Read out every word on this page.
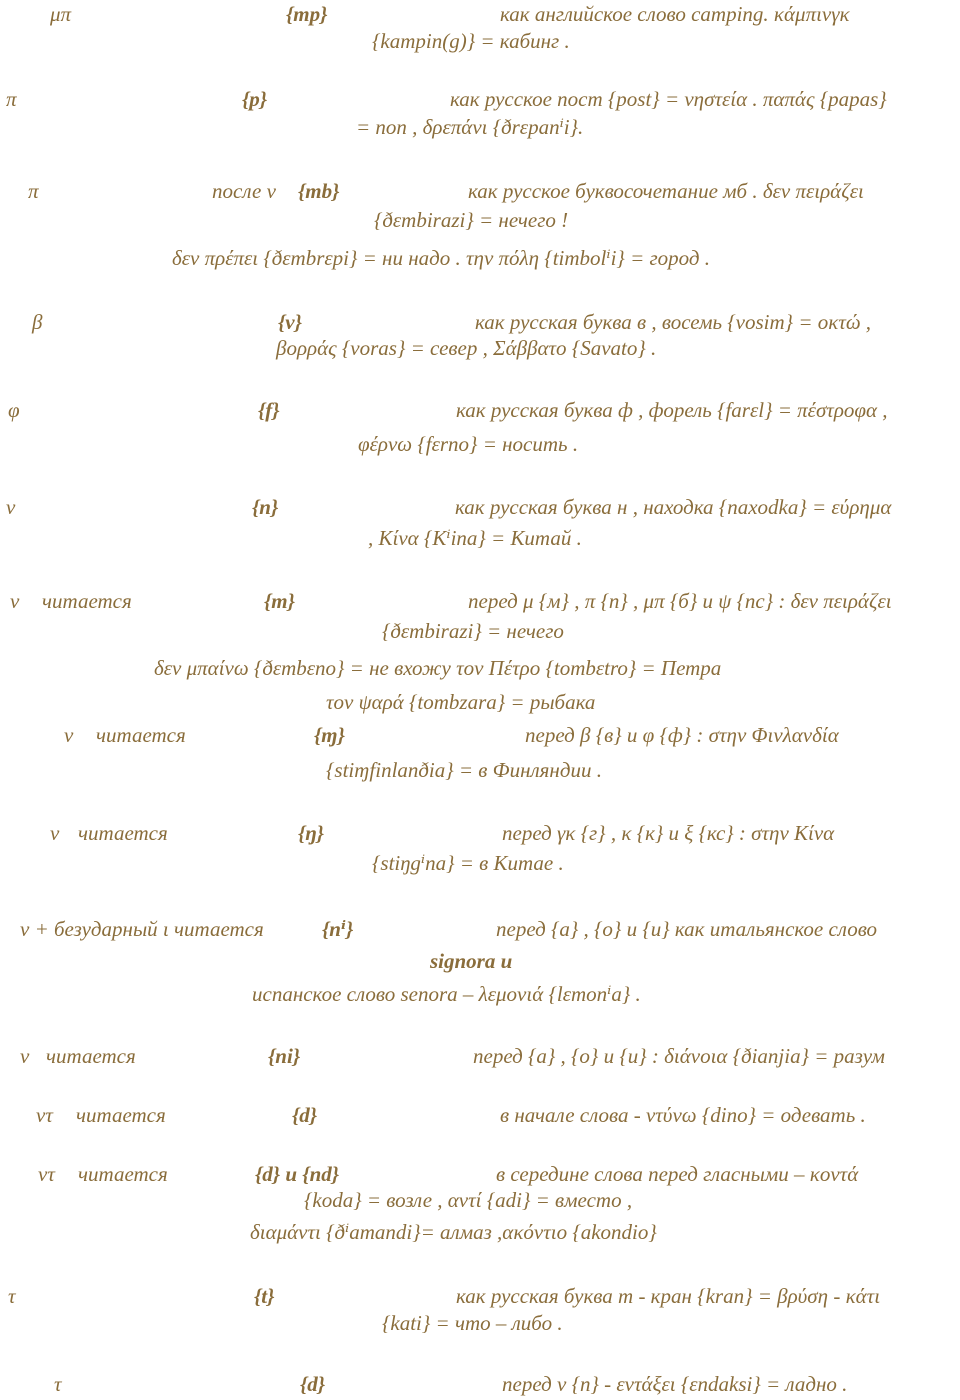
μπ	{mp}	как английское слово camping. κάμπινγκ
{kampin(g)} = кабинг .
π	{p}	как русское пост {post} = νηστεία . παπάς {papas}
= поп , δρεπάνι {ðrεpanⁱi}.
π	после ν {mb}	как русское буквосочетание мб . δεν πειράζει
{ðεmbirazi} = нечего !
δεν πρέπει {ðεmbrεpi} = ни надо . την πόλη {timbolⁱi} = город .
β	{v}	как русская буква в , восемь {vosim} = οκτώ ,
βορράς {voras} = север , Σάββατο {Savato} .
φ	{f}	как русская буква ф , форель {farεl} = πέστροφα ,
φέρνω {fεrno} = носить .
ν	{n}	как русская буква н , находка {naxodka} = εύρημα
, Κίνα {Kⁱina} = Китай .
ν читается	{m}	перед μ {м} , π {п} , μπ {б} и ψ {пс} : δεν πειράζει
{ðεmbirazi} = нечего
δεν μπαίνω {ðεmbεno} = не вхожу τον Πέτρο {tombεtro} = Петра
τον ψαρά {tombzara} = рыбака
ν читается	{ɱ}	перед β {в} и φ {ф} : στην Φινλανδία
{stiɱfinlanðia} = в Финляндии .
ν читается	{ŋ}	перед γκ {г} , κ {к} и ξ {кс} : στην Κίνα
{stiŋgⁱna} = в Китае .
ν + безударный ι читается	{nⁱ}	перед {a} , {o} и {u} как итальянское слово
signora и
испанское слово senora – λεμονιά {lεmonⁱa} .
ν читается	{ni}	перед {a} , {o} и {u} : διάνοια {ðianjia} = разум
ντ читается	{d}	в начале слова - ντύνω {dino} = одевать .
ντ читается	{d} и {nd}	в середине слова перед гласными – κοντά
{koda} = возле , αντί {adi} = вместо ,
διαμάντι {ðⁱamandi}= алмаз ,ακόντιο {akondio}
τ	{t}	как русская буква т - кран {kran} = βρύση - κάτι
{kati} = что – либо .
τ	{d}	перед ν {n} - εντάξει {εndaksi} = ладно .
